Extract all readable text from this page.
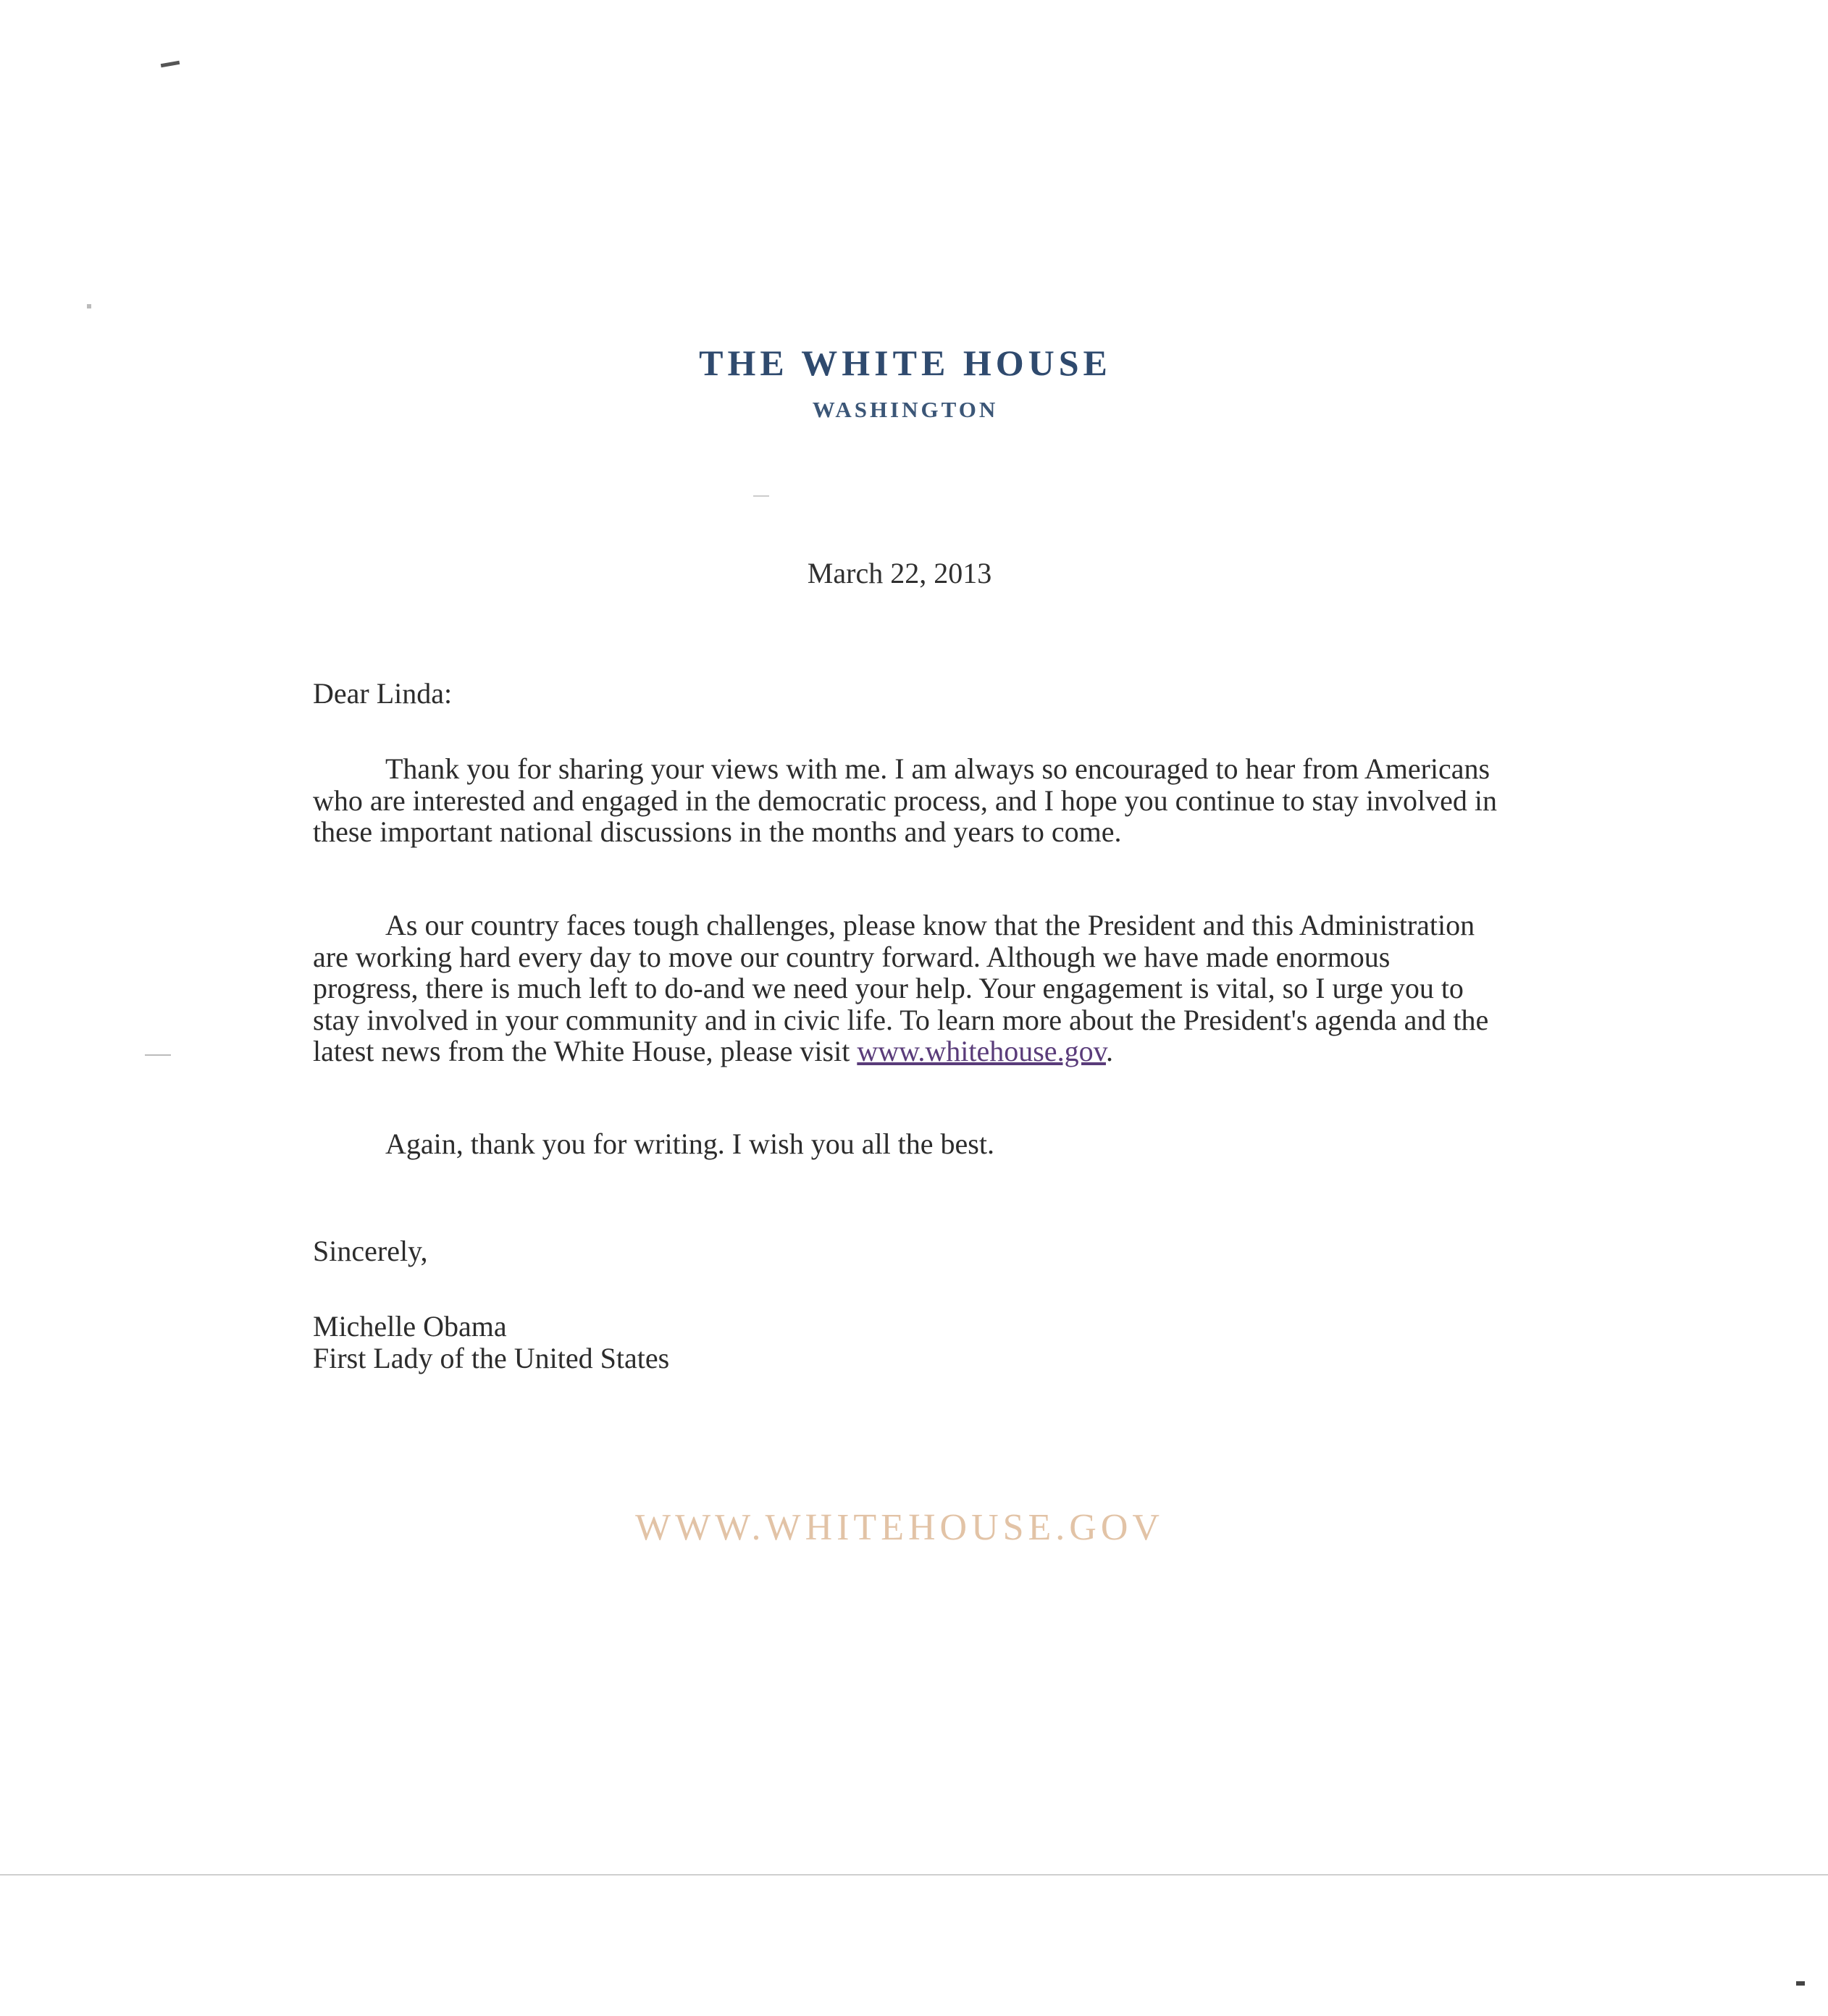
THE WHITE HOUSE
WASHINGTON
March 22, 2013
Dear Linda:
Thank you for sharing your views with me. I am always so encouraged to hear from Americans who are interested and engaged in the democratic process, and I hope you continue to stay involved in these important national discussions in the months and years to come.
As our country faces tough challenges, please know that the President and this Administration are working hard every day to move our country forward. Although we have made enormous progress, there is much left to do-and we need your help. Your engagement is vital, so I urge you to stay involved in your community and in civic life. To learn more about the President's agenda and the latest news from the White House, please visit www.whitehouse.gov.
Again, thank you for writing. I wish you all the best.
Sincerely,
Michelle Obama
First Lady of the United States
WWW.WHITEHOUSE.GOV
